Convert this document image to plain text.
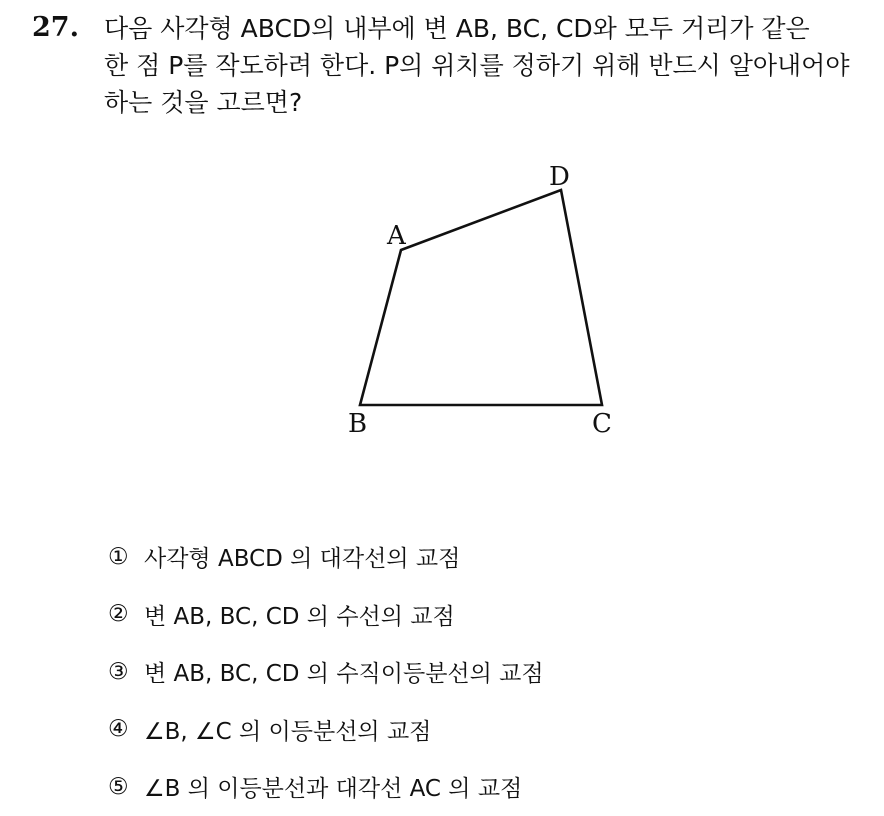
27. 다음 사각형 ABCD의 내부에 변 AB, BC, CD와 모두 거리가 같은
한 점 P를 작도하려 한다. P의 위치를 정하기 위해 반드시 알아내어야
하는 것을 고르면?
A
D
B	C
① 사각형 ABCD 의 대각선의 교점
② 변 AB, BC, CD 의 수선의 교점
③ 변 AB, BC, CD 의 수직이등분선의 교점
④ ∠B, ∠C 의 이등분선의 교점
⑤ ∠B 의 이등분선과 대각선 AC 의 교점
